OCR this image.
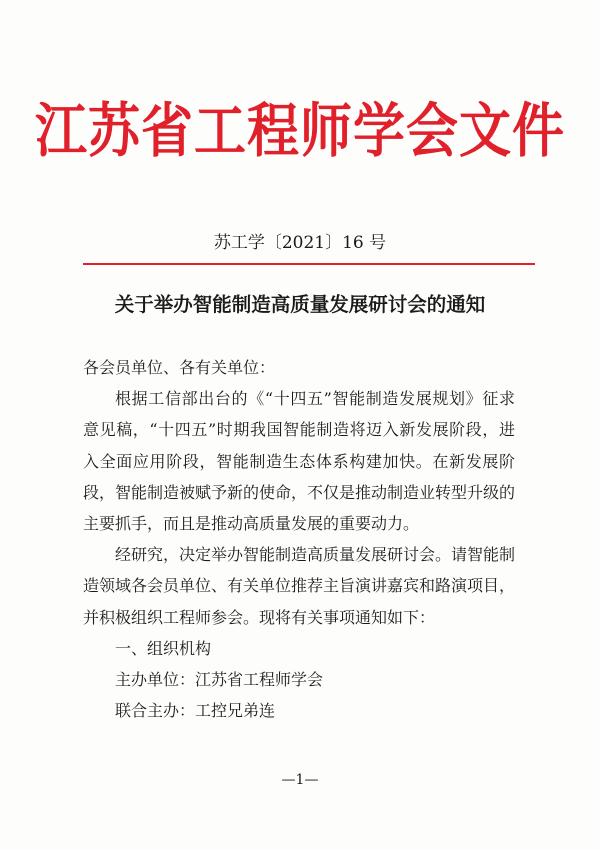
江苏省工程师学会文件
苏工学〔2021〕16 号
关于举办智能制造高质量发展研讨会的通知

各会员单位、各有关单位：

根据工信部出台的《“十四五”智能制造发展规划》征求意见稿，“十四五”时期我国智能制造将迈入新发展阶段，进入全面应用阶段，智能制造生态体系构建加快。在新发展阶段，智能制造被赋予新的使命，不仅是推动制造业转型升级的主要抓手，而且是推动高质量发展的重要动力。

经研究，决定举办智能制造高质量发展研讨会。请智能制造领域各会员单位、有关单位推荐主旨演讲嘉宾和路演项目，并积极组织工程师参会。现将有关事项通知如下：

一、组织机构

主办单位：江苏省工程师学会

联合主办：工控兄弟连

—1—
